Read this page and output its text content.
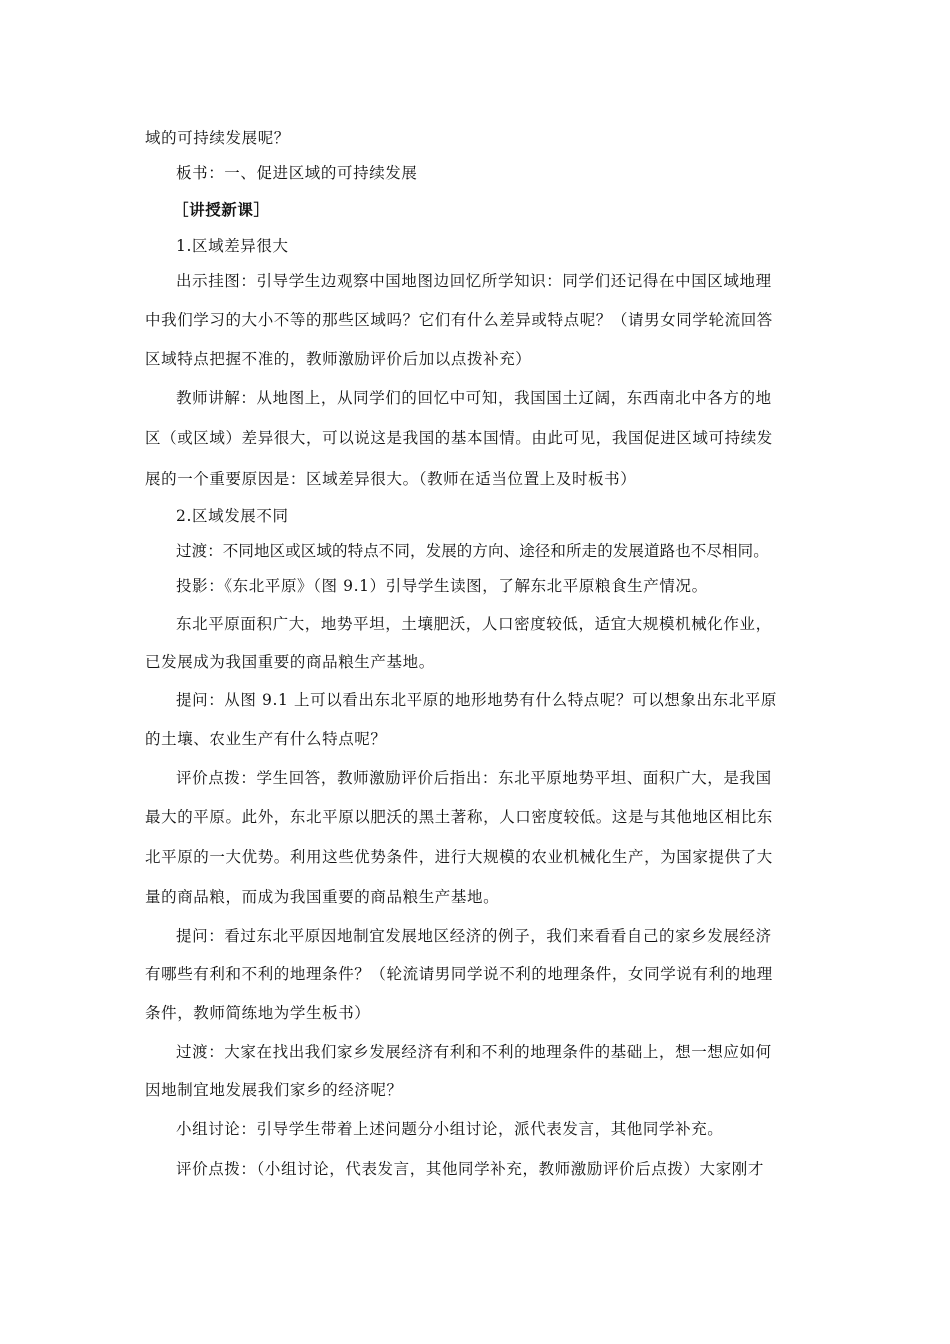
域的可持续发展呢？

板书：一、促进区域的可持续发展

［讲授新课］

1.区域差异很大

出示挂图：引导学生边观察中国地图边回忆所学知识：同学们还记得在中国区域地理

中我们学习的大小不等的那些区域吗？它们有什么差异或特点呢？（请男女同学轮流回答

区域特点把握不准的，教师激励评价后加以点拨补充）

教师讲解：从地图上，从同学们的回忆中可知，我国国土辽阔，东西南北中各方的地

区（或区域）差异很大，可以说这是我国的基本国情。由此可见，我国促进区域可持续发

展的一个重要原因是：区域差异很大。（教师在适当位置上及时板书）

2.区域发展不同

过渡：不同地区或区域的特点不同，发展的方向、途径和所走的发展道路也不尽相同。

投影：《东北平原》（图 9.1）引导学生读图，了解东北平原粮食生产情况。

东北平原面积广大，地势平坦，土壤肥沃，人口密度较低，适宜大规模机械化作业，

已发展成为我国重要的商品粮生产基地。

提问：从图 9.1 上可以看出东北平原的地形地势有什么特点呢？可以想象出东北平原

的土壤、农业生产有什么特点呢？

评价点拨：学生回答，教师激励评价后指出：东北平原地势平坦、面积广大，是我国

最大的平原。此外，东北平原以肥沃的黑土著称，人口密度较低。这是与其他地区相比东

北平原的一大优势。利用这些优势条件，进行大规模的农业机械化生产，为国家提供了大

量的商品粮，而成为我国重要的商品粮生产基地。

提问：看过东北平原因地制宜发展地区经济的例子，我们来看看自己的家乡发展经济

有哪些有利和不利的地理条件？（轮流请男同学说不利的地理条件，女同学说有利的地理

条件，教师简练地为学生板书）

过渡：大家在找出我们家乡发展经济有利和不利的地理条件的基础上，想一想应如何

因地制宜地发展我们家乡的经济呢？

小组讨论：引导学生带着上述问题分小组讨论，派代表发言，其他同学补充。

评价点拨：（小组讨论，代表发言，其他同学补充，教师激励评价后点拨）大家刚才
